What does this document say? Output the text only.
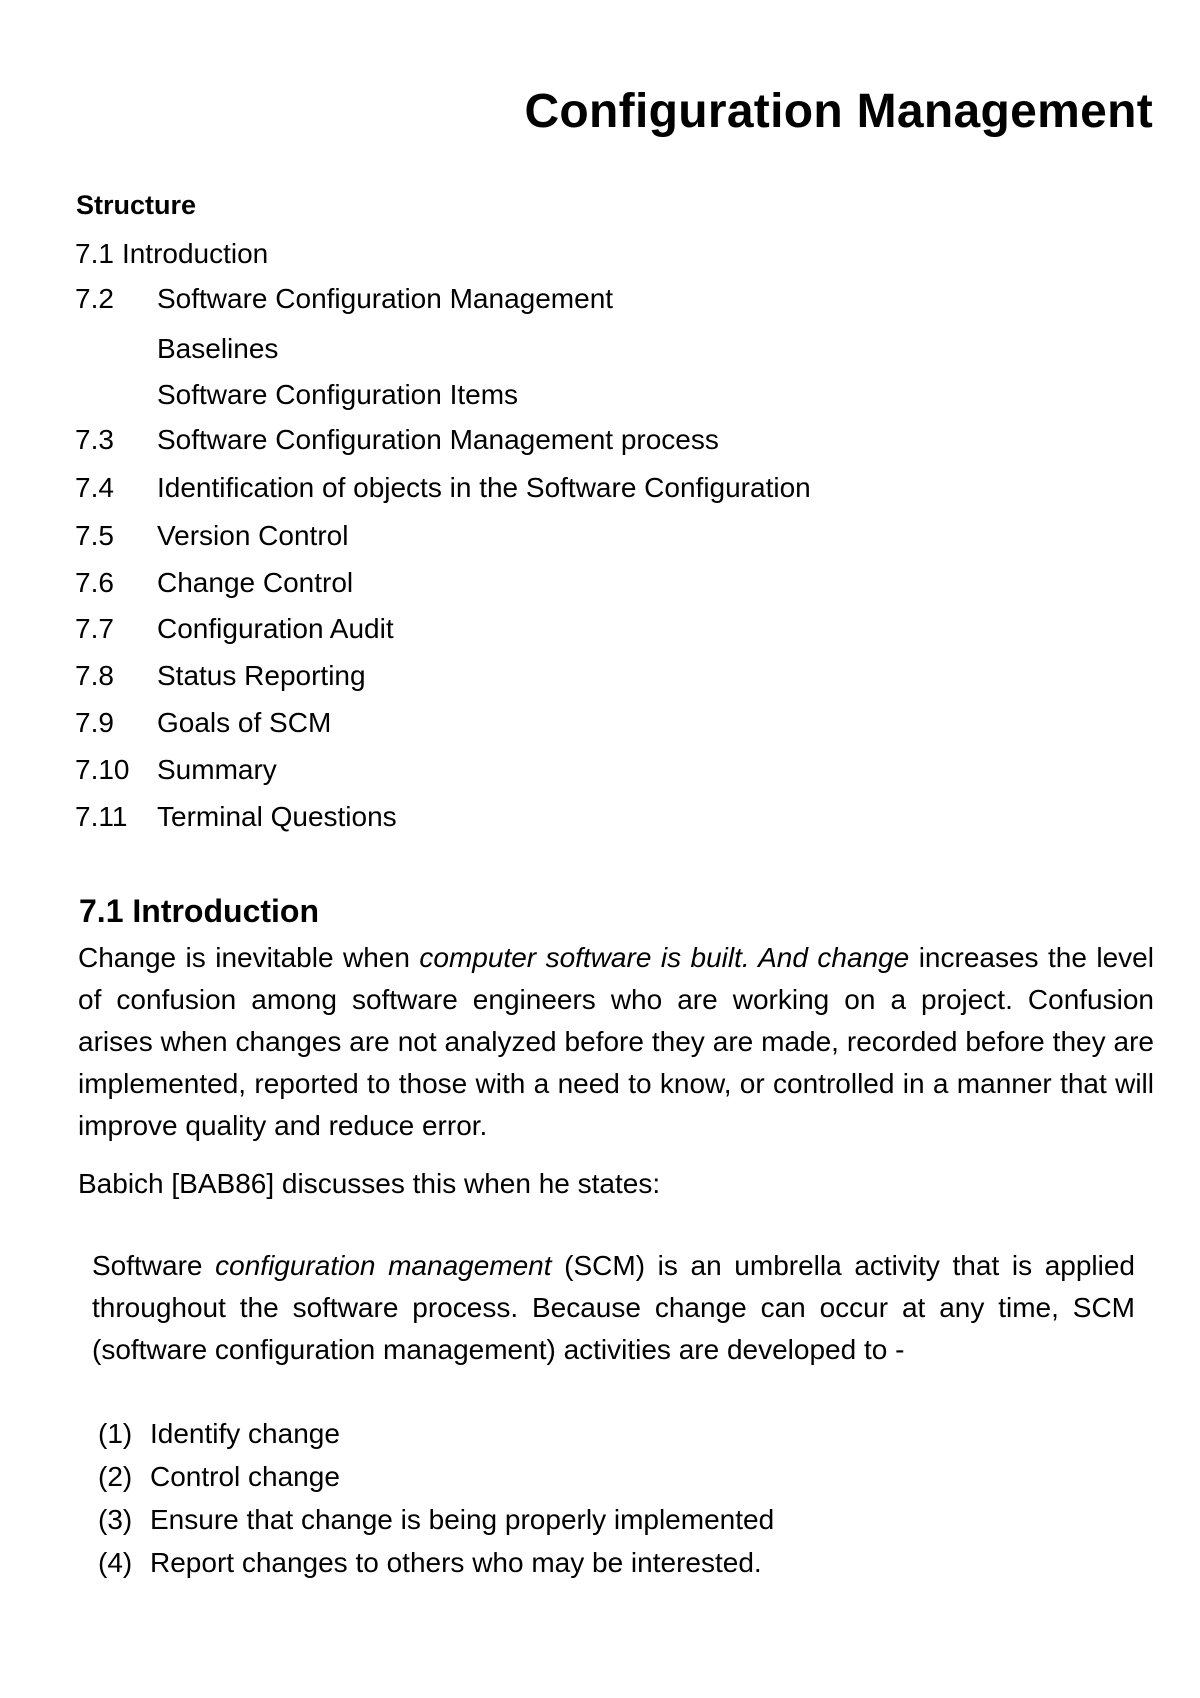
Configuration Management
Structure
7.1 Introduction
7.2 Software Configuration Management
Baselines
Software Configuration Items
7.3 Software Configuration Management process
7.4 Identification of objects in the Software Configuration
7.5 Version Control
7.6 Change Control
7.7 Configuration Audit
7.8 Status Reporting
7.9 Goals of SCM
7.10 Summary
7.11 Terminal Questions
7.1 Introduction
Change is inevitable when computer software is built. And change increases the level of confusion among software engineers who are working on a project. Confusion arises when changes are not analyzed before they are made, recorded before they are implemented, reported to those with a need to know, or controlled in a manner that will improve quality and reduce error.
Babich [BAB86] discusses this when he states:
Software configuration management (SCM) is an umbrella activity that is applied throughout the software process. Because change can occur at any time, SCM (software configuration management) activities are developed to -
(1) Identify change
(2) Control change
(3) Ensure that change is being properly implemented
(4) Report changes to others who may be interested.
